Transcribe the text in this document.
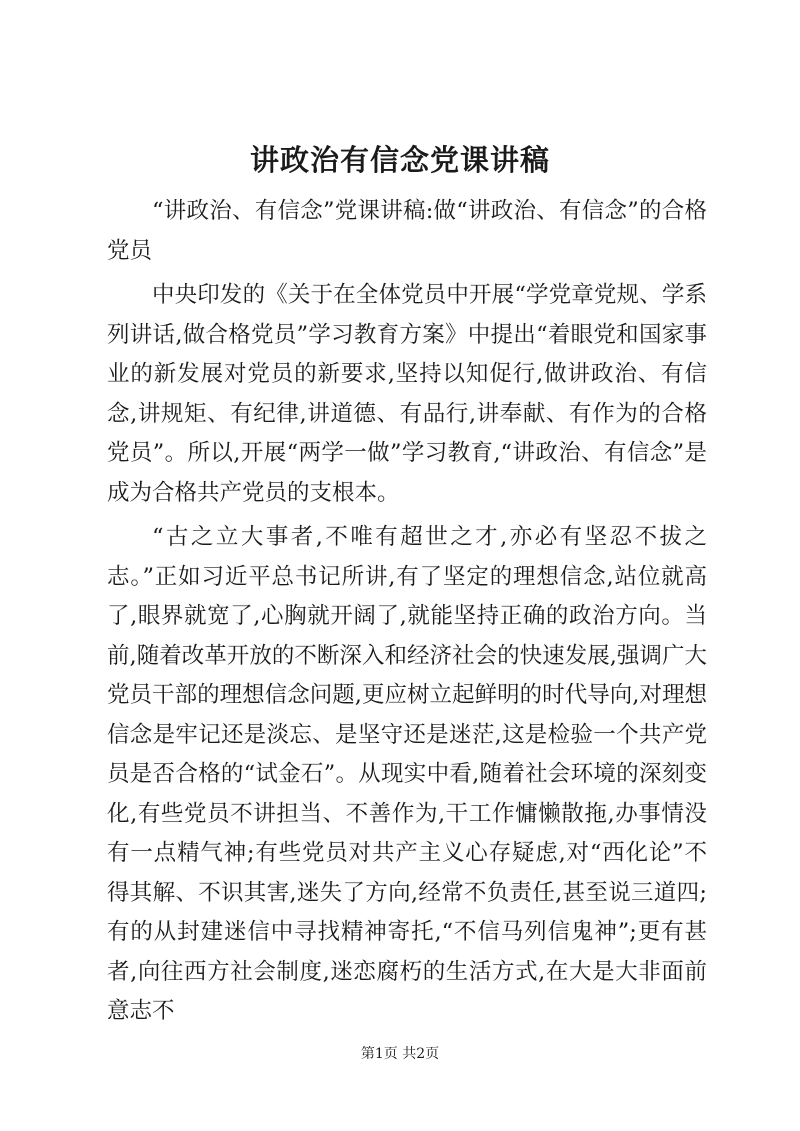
讲政治有信念党课讲稿

“讲政治、有信念”党课讲稿:做“讲政治、有信念”的合格党员

中央印发的《关于在全体党员中开展“学党章党规、学系列讲话,做合格党员”学习教育方案》中提出“着眼党和国家事业的新发展对党员的新要求,坚持以知促行,做讲政治、有信念,讲规矩、有纪律,讲道德、有品行,讲奉献、有作为的合格党员”。所以,开展“两学一做”学习教育,“讲政治、有信念”是成为合格共产党员的支根本。

“古之立大事者,不唯有超世之才,亦必有坚忍不拔之志。”正如习近平总书记所讲,有了坚定的理想信念,站位就高了,眼界就宽了,心胸就开阔了,就能坚持正确的政治方向。当前,随着改革开放的不断深入和经济社会的快速发展,强调广大党员干部的理想信念问题,更应树立起鲜明的时代导向,对理想信念是牢记还是淡忘、是坚守还是迷茫,这是检验一个共产党员是否合格的“试金石”。从现实中看,随着社会环境的深刻变化,有些党员不讲担当、不善作为,干工作慵懒散拖,办事情没有一点精气神;有些党员对共产主义心存疑虑,对“西化论”不得其解、不识其害,迷失了方向,经常不负责任,甚至说三道四;有的从封建迷信中寻找精神寄托,“不信马列信鬼神”;更有甚者,向往西方社会制度,迷恋腐朽的生活方式,在大是大非面前意志不

第1页 共2页
